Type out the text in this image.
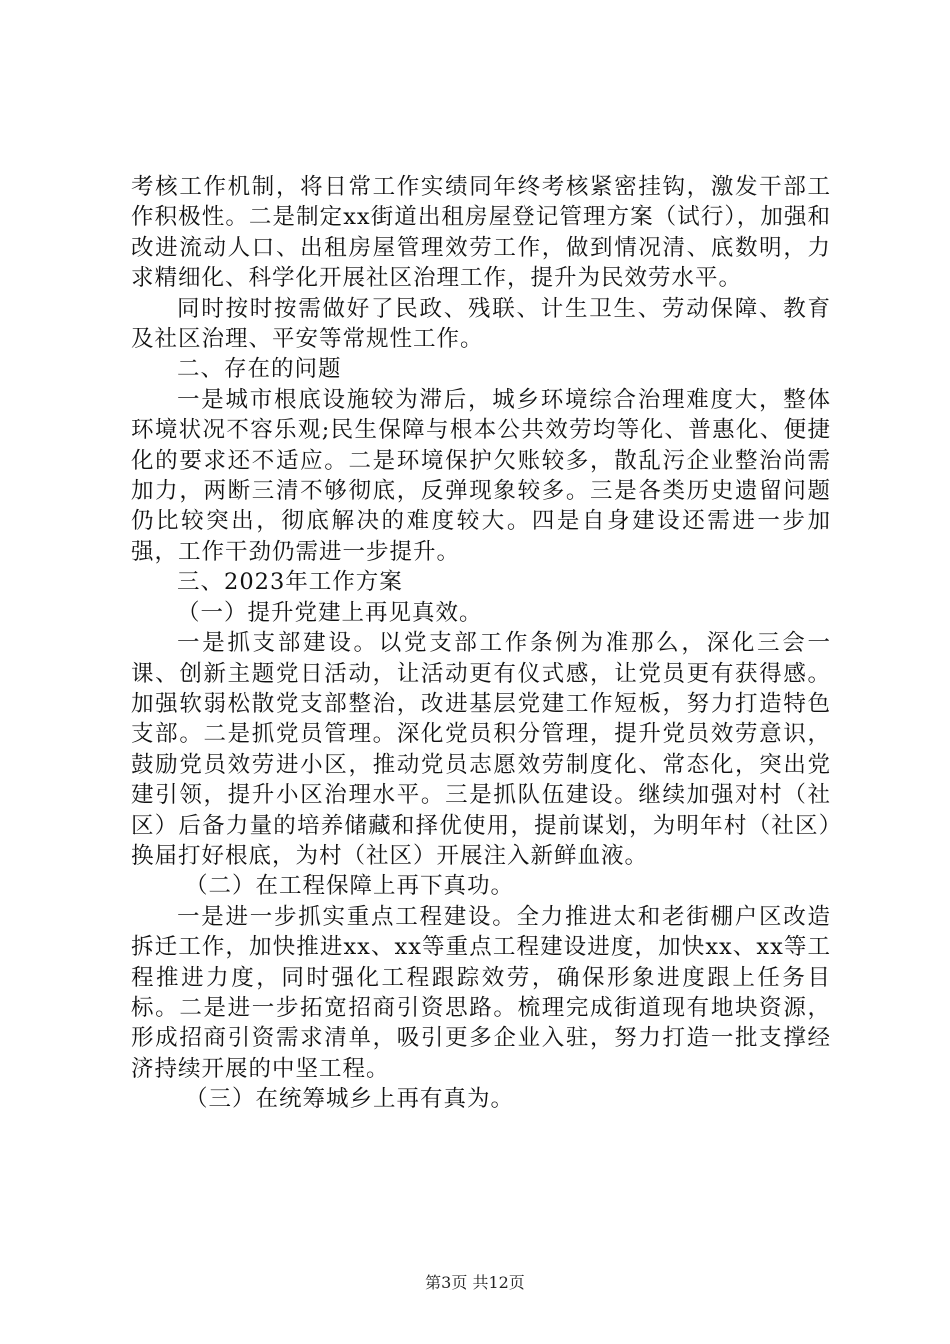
考核工作机制，将日常工作实绩同年终考核紧密挂钩，激发干部工作积极性。二是制定xx街道出租房屋登记管理方案（试行），加强和改进流动人口、出租房屋管理效劳工作，做到情况清、底数明，力求精细化、科学化开展社区治理工作，提升为民效劳水平。

同时按时按需做好了民政、残联、计生卫生、劳动保障、教育及社区治理、平安等常规性工作。

二、存在的问题

一是城市根底设施较为滞后，城乡环境综合治理难度大，整体环境状况不容乐观;民生保障与根本公共效劳均等化、普惠化、便捷化的要求还不适应。二是环境保护欠账较多，散乱污企业整治尚需加力，两断三清不够彻底，反弹现象较多。三是各类历史遗留问题仍比较突出，彻底解决的难度较大。四是自身建设还需进一步加强，工作干劲仍需进一步提升。

三、2023年工作方案

（一）提升党建上再见真效。

一是抓支部建设。以党支部工作条例为准那么，深化三会一课、创新主题党日活动，让活动更有仪式感，让党员更有获得感。加强软弱松散党支部整治，改进基层党建工作短板，努力打造特色支部。二是抓党员管理。深化党员积分管理，提升党员效劳意识，鼓励党员效劳进小区，推动党员志愿效劳制度化、常态化，突出党建引领，提升小区治理水平。三是抓队伍建设。继续加强对村（社区）后备力量的培养储藏和择优使用，提前谋划，为明年村（社区）换届打好根底，为村（社区）开展注入新鲜血液。

（二）在工程保障上再下真功。

一是进一步抓实重点工程建设。全力推进太和老街棚户区改造拆迁工作，加快推进xx、xx等重点工程建设进度，加快xx、xx等工程推进力度，同时强化工程跟踪效劳，确保形象进度跟上任务目标。二是进一步拓宽招商引资思路。梳理完成街道现有地块资源，形成招商引资需求清单，吸引更多企业入驻，努力打造一批支撑经济持续开展的中坚工程。

（三）在统筹城乡上再有真为。

第3页 共12页
